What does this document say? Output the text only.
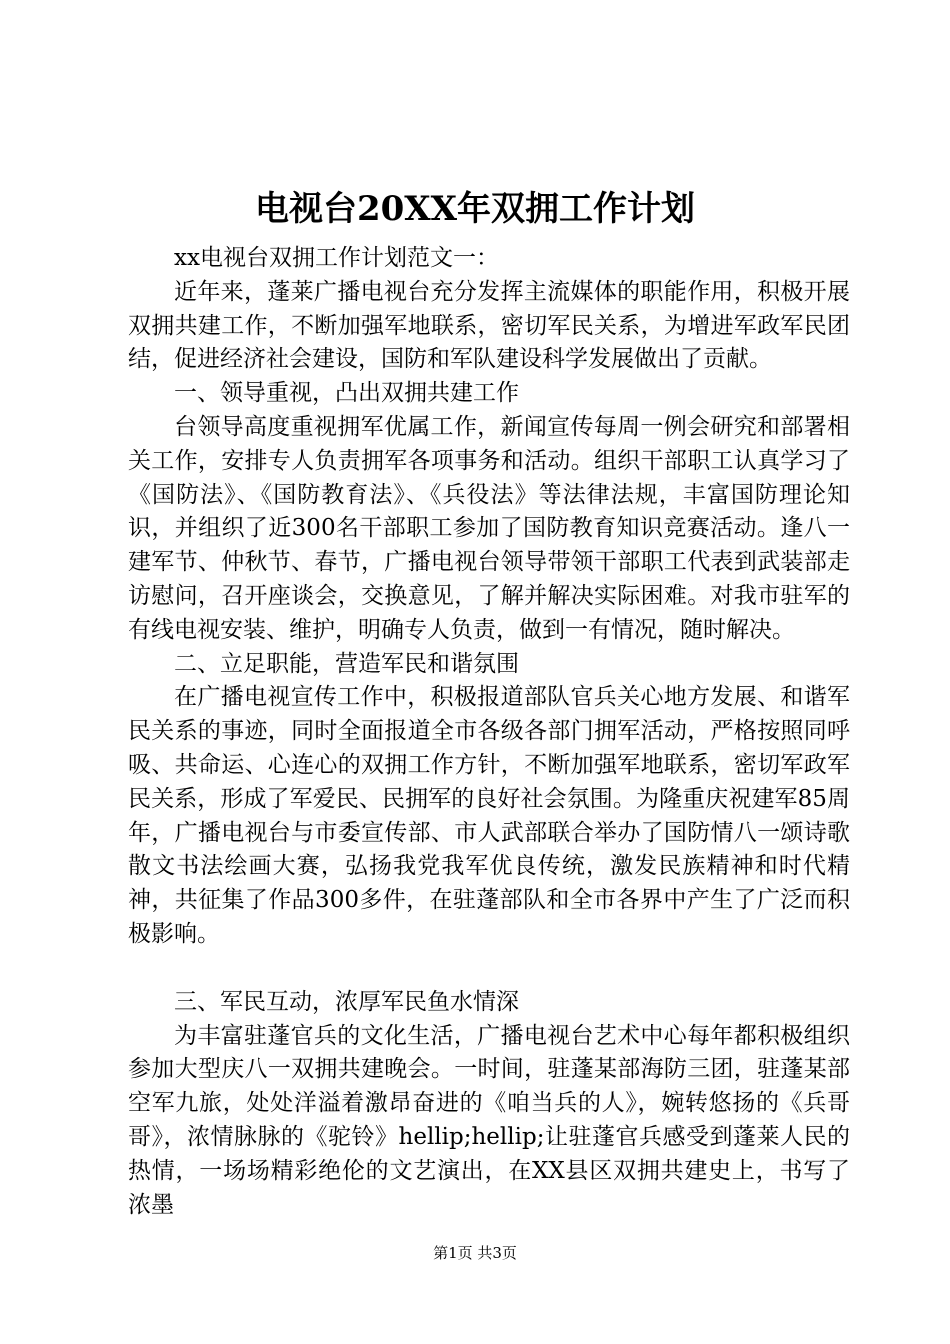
电视台20XX年双拥工作计划

xx电视台双拥工作计划范文一：

近年来，蓬莱广播电视台充分发挥主流媒体的职能作用，积极开展双拥共建工作，不断加强军地联系，密切军民关系，为增进军政军民团结，促进经济社会建设，国防和军队建设科学发展做出了贡献。

一、领导重视，凸出双拥共建工作

台领导高度重视拥军优属工作，新闻宣传每周一例会研究和部署相关工作，安排专人负责拥军各项事务和活动。组织干部职工认真学习了《国防法》、《国防教育法》、《兵役法》等法律法规，丰富国防理论知识，并组织了近300名干部职工参加了国防教育知识竞赛活动。逢八一建军节、仲秋节、春节，广播电视台领导带领干部职工代表到武装部走访慰问，召开座谈会，交换意见，了解并解决实际困难。对我市驻军的有线电视安装、维护，明确专人负责，做到一有情况，随时解决。

二、立足职能，营造军民和谐氛围

在广播电视宣传工作中，积极报道部队官兵关心地方发展、和谐军民关系的事迹，同时全面报道全市各级各部门拥军活动，严格按照同呼吸、共命运、心连心的双拥工作方针，不断加强军地联系，密切军政军民关系，形成了军爱民、民拥军的良好社会氛围。为隆重庆祝建军85周年，广播电视台与市委宣传部、市人武部联合举办了国防情八一颂诗歌散文书法绘画大赛，弘扬我党我军优良传统，激发民族精神和时代精神，共征集了作品300多件，在驻蓬部队和全市各界中产生了广泛而积极影响。

三、军民互动，浓厚军民鱼水情深

为丰富驻蓬官兵的文化生活，广播电视台艺术中心每年都积极组织参加大型庆八一双拥共建晚会。一时间，驻蓬某部海防三团，驻蓬某部空军九旅，处处洋溢着激昂奋进的《咱当兵的人》，婉转悠扬的《兵哥哥》，浓情脉脉的《驼铃》hellip;hellip;让驻蓬官兵感受到蓬莱人民的热情，一场场精彩绝伦的文艺演出，在XX县区双拥共建史上，书写了浓墨

第1页 共3页
